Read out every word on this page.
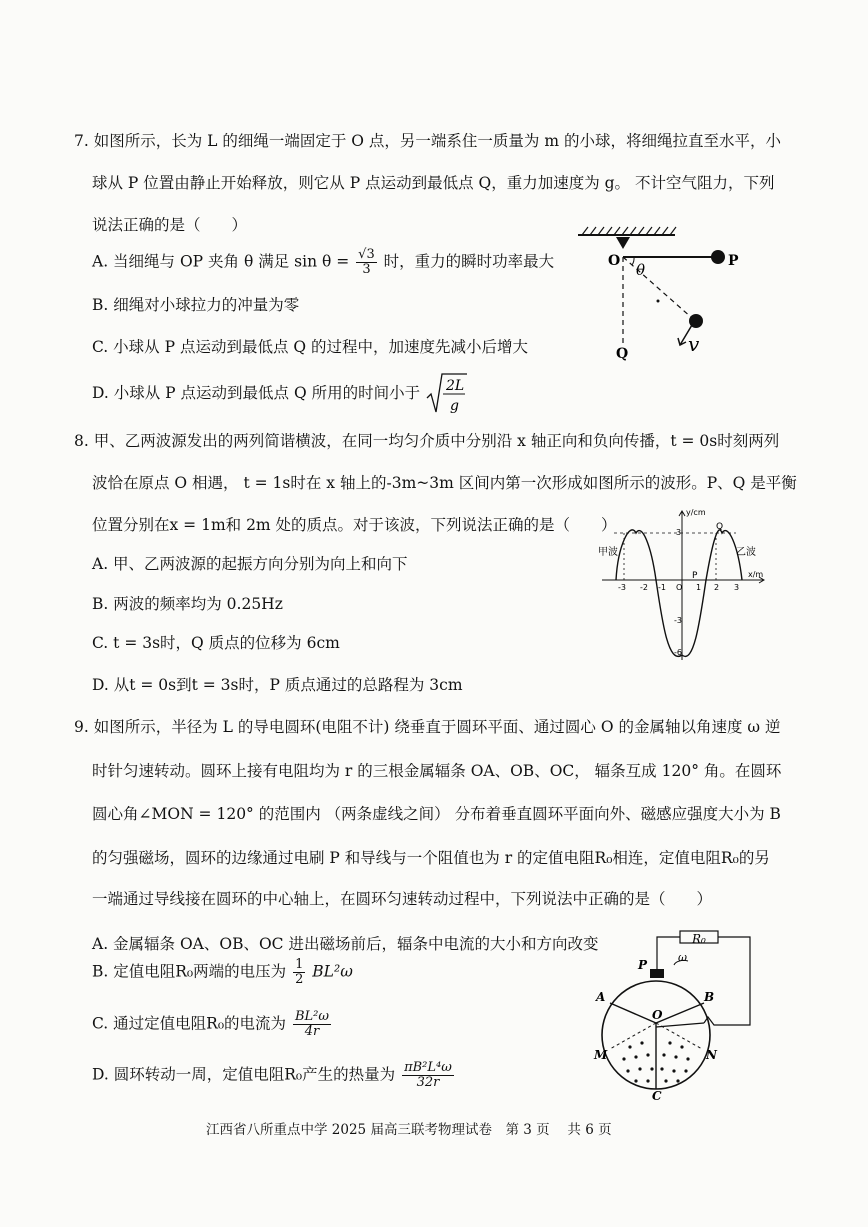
7. 如图所示，长为 L 的细绳一端固定于 O 点，另一端系住一质量为 m 的小球，将细绳拉直至水平，小
球从 P 位置由静止开始释放，则它从 P 点运动到最低点 Q，重力加速度为 g。 不计空气阻力，下列
说法正确的是（　　）
A. 当细绳与 OP 夹角 θ 满足 $\sin \theta = \frac{√3}{3}$ 时，重力的瞬时功率最大
B. 细绳对小球拉力的冲量为零
C. 小球从 P 点运动到最低点 Q 的过程中，加速度先减小后增大
D. 小球从 P 点运动到最低点 Q 所用的时间小于 2L
g
O	P
Q
θ
v
8. 甲、乙两波源发出的两列简谐横波，在同一均匀介质中分别沿 x 轴正向和负向传播，t = 0s时刻两列
波恰在原点 O 相遇， t = 1s时在 x 轴上的-3m~3m 区间内第一次形成如图所示的波形。P、Q 是平衡
位置分别在x = 1m和 2m 处的质点。对于该波，下列说法正确的是（　　）
A. 甲、乙两波源的起振方向分别为向上和向下
B. 两波的频率均为 0.25Hz
C. t = 3s时，Q 质点的位移为 6cm
D. 从t = 0s到t = 3s时，P 质点通过的总路程为 3cm
甲波	乙波
y/cm
x/m
3
-3
-6
O
P
Q
-3 -2 -1	1 2 3
9. 如图所示，半径为 L 的导电圆环(电阻不计) 绕垂直于圆环平面、通过圆心 O 的金属轴以角速度 ω 逆
时针匀速转动。圆环上接有电阻均为 r 的三根金属辐条 OA、OB、OC， 辐条互成 120° 角。在圆环
圆心角∠MON = 120° 的范围内 （两条虚线之间） 分布着垂直圆环平面向外、磁感应强度大小为 B
的匀强磁场，圆环的边缘通过电刷 P 和导线与一个阻值也为 r 的定值电阻R₀相连，定值电阻R₀的另
一端通过导线接在圆环的中心轴上，在圆环匀速转动过程中，下列说法中正确的是（　　）
A. 金属辐条 OA、OB、OC 进出磁场前后，辐条中电流的大小和方向改变
B. 定值电阻R₀两端的电压为 $\frac{1}{2} BL^2\omega$
C. 通过定值电阻R₀的电流为 $\frac{\text{BL²ω}}{4r}$
D. 圆环转动一周，定值电阻R₀产生的热量为 $\frac{\text{πB²L⁴ω}}{32r}$
R₀
P
ω
A	B
O
M	N
C
江西省八所重点中学 2025 届高三联考物理试卷　第 3 页　 共 6 页
